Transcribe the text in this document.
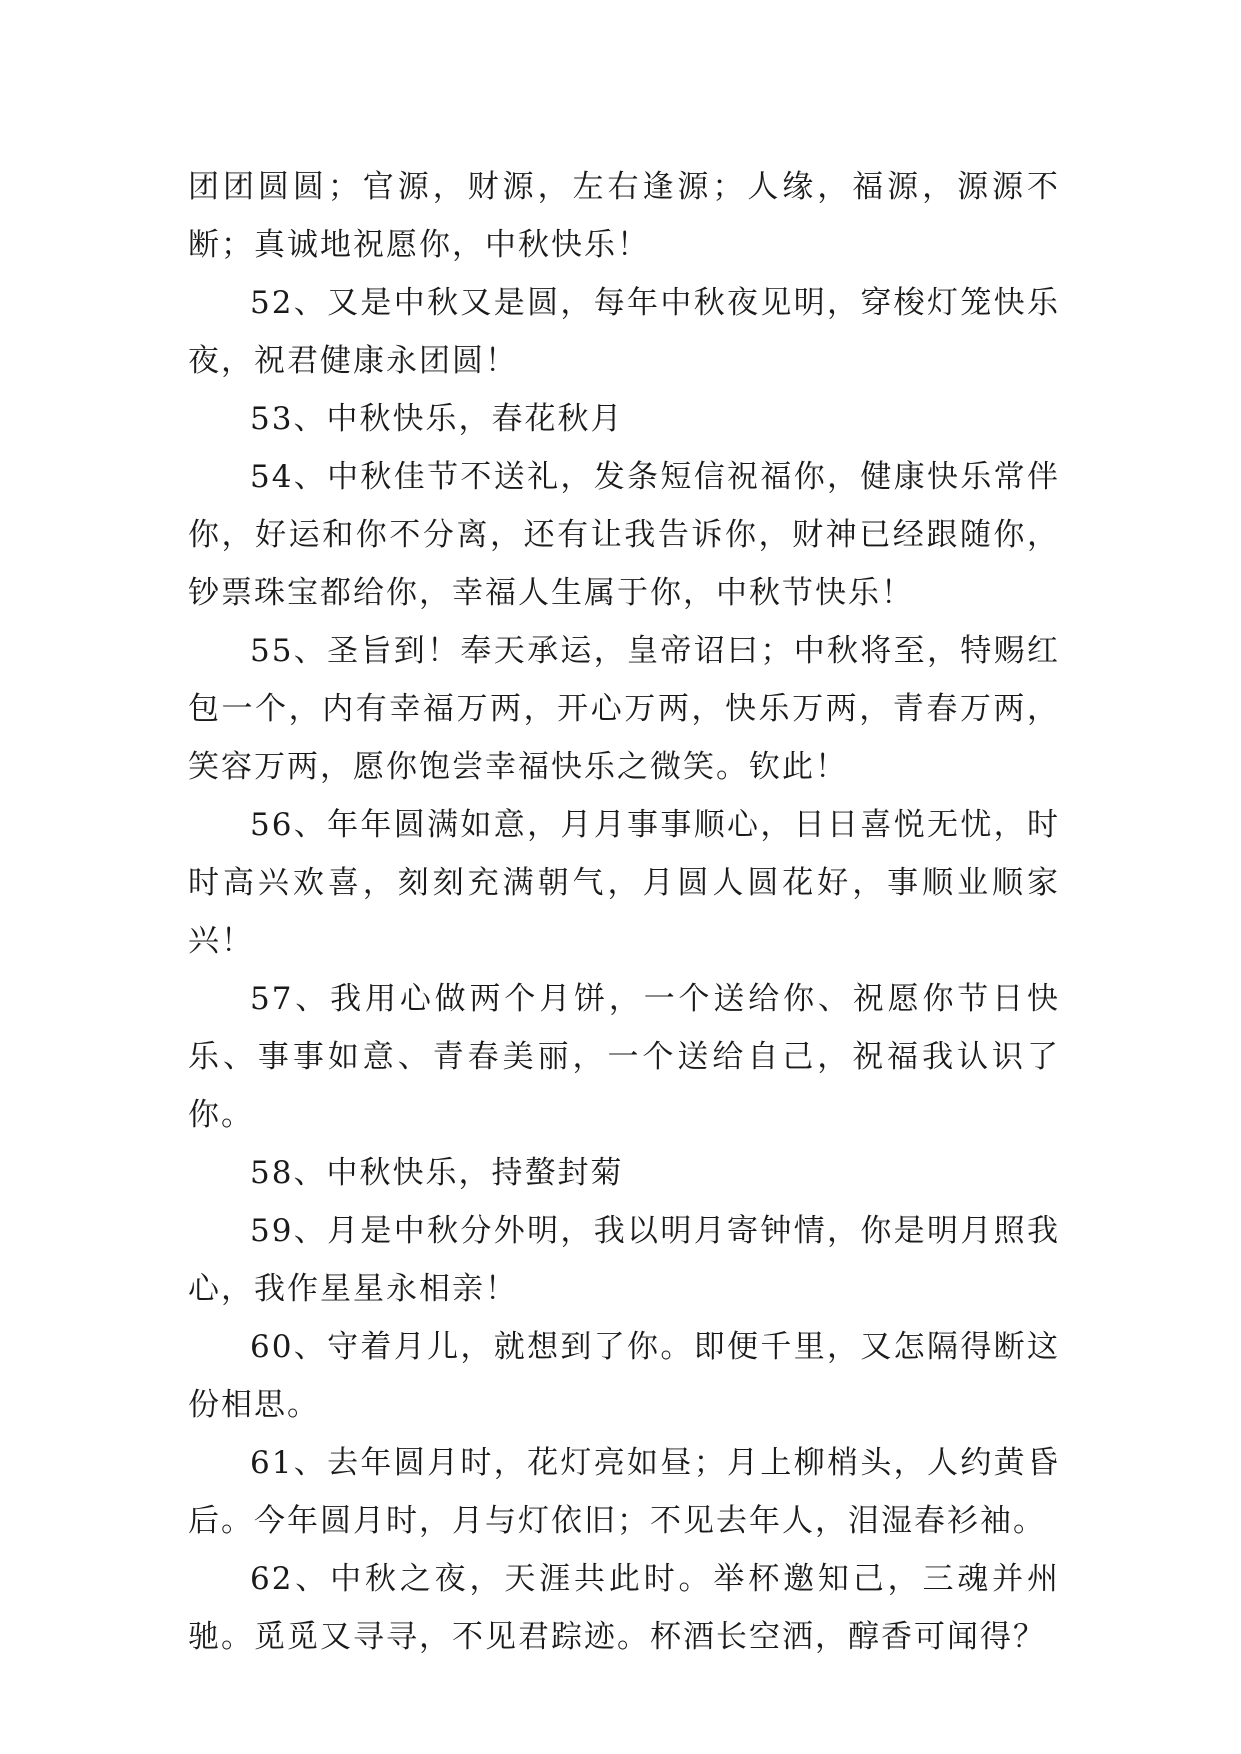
团团圆圆；官源，财源，左右逢源；人缘，福源，源源不断；真诚地祝愿你，中秋快乐！

52、又是中秋又是圆，每年中秋夜见明，穿梭灯笼快乐夜，祝君健康永团圆！

53、中秋快乐，春花秋月

54、中秋佳节不送礼，发条短信祝福你，健康快乐常伴你，好运和你不分离，还有让我告诉你，财神已经跟随你，钞票珠宝都给你，幸福人生属于你，中秋节快乐！

55、圣旨到！奉天承运，皇帝诏曰；中秋将至，特赐红包一个，内有幸福万两，开心万两，快乐万两，青春万两，笑容万两，愿你饱尝幸福快乐之微笑。钦此！

56、年年圆满如意，月月事事顺心，日日喜悦无忧，时时高兴欢喜，刻刻充满朝气，月圆人圆花好，事顺业顺家兴！

57、我用心做两个月饼，一个送给你、祝愿你节日快乐、事事如意、青春美丽，一个送给自己，祝福我认识了你。

58、中秋快乐，持螯封菊

59、月是中秋分外明，我以明月寄钟情，你是明月照我心，我作星星永相亲！

60、守着月儿，就想到了你。即便千里，又怎隔得断这份相思。

61、去年圆月时，花灯亮如昼；月上柳梢头，人约黄昏后。今年圆月时，月与灯依旧；不见去年人，泪湿春衫袖。

62、中秋之夜，天涯共此时。举杯邀知己，三魂并州驰。觅觅又寻寻，不见君踪迹。杯酒长空洒，醇香可闻得？
